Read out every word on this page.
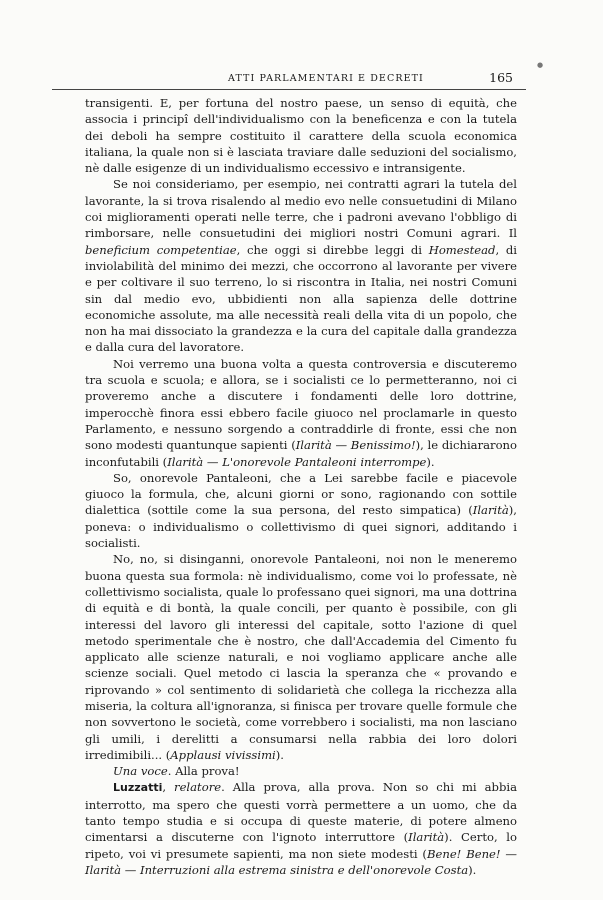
ATTI PARLAMENTARI E DECRETI	165
●

transigenti. E, per fortuna del nostro paese, un senso di equità, che associa i principî dell'individualismo con la beneficenza e con la tutela dei deboli ha sempre costituito il carattere della scuola economica italiana, la quale non si è lasciata traviare dalle seduzioni del socialismo, nè dalle esigenze di un individualismo eccessivo e intransigente.

Se noi consideriamo, per esempio, nei contratti agrari la tutela del lavorante, la si trova risalendo al medio evo nelle consuetudini di Milano coi miglioramenti operati nelle terre, che i padroni avevano l'obbligo di rimborsare, nelle consuetudini dei migliori nostri Comuni agrari. Il beneficium competentiae, che oggi si direbbe leggi di Homestead, di inviolabilità del minimo dei mezzi, che occorrono al lavorante per vivere e per coltivare il suo terreno, lo si riscontra in Italia, nei nostri Comuni sin dal medio evo, ubbidienti non alla sapienza delle dottrine economiche assolute, ma alle necessità reali della vita di un popolo, che non ha mai dissociato la grandezza e la cura del capitale dalla grandezza e dalla cura del lavoratore.

Noi verremo una buona volta a questa controversia e discuteremo tra scuola e scuola; e allora, se i socialisti ce lo permetteranno, noi ci proveremo anche a discutere i fondamenti delle loro dottrine, imperocchè finora essi ebbero facile giuoco nel proclamarle in questo Parlamento, e nessuno sorgendo a contraddirle di fronte, essi che non sono modesti quantunque sapienti (Ilarità — Benissimo!), le dichiararono inconfutabili (Ilarità — L'onorevole Pantaleoni interrompe).

So, onorevole Pantaleoni, che a Lei sarebbe facile e piacevole giuoco la formula, che, alcuni giorni or sono, ragionando con sottile dialettica (sottile come la sua persona, del resto simpatica) (Ilarità), poneva: o individualismo o collettivismo di quei signori, additando i socialisti.

No, no, si disinganni, onorevole Pantaleoni, noi non le meneremo buona questa sua formola: nè individualismo, come voi lo professate, nè collettivismo socialista, quale lo professano quei signori, ma una dottrina di equità e di bontà, la quale concili, per quanto è possibile, con gli interessi del lavoro gli interessi del capitale, sotto l'azione di quel metodo sperimentale che è nostro, che dall'Accademia del Cimento fu applicato alle scienze naturali, e noi vogliamo applicare anche alle scienze sociali. Quel metodo ci lascia la speranza che « provando e riprovando » col sentimento di solidarietà che collega la ricchezza alla miseria, la coltura all'ignoranza, si finisca per trovare quelle formule che non sovvertono le società, come vorrebbero i socialisti, ma non lasciano gli umili, i derelitti a consumarsi nella rabbia dei loro dolori irredimibili... (Applausi vivissimi).

Una voce. Alla prova!

Luzzatti, relatore. Alla prova, alla prova. Non so chi mi abbia interrotto, ma spero che questi vorrà permettere a un uomo, che da tanto tempo studia e si occupa di queste materie, di potere almeno cimentarsi a discuterne con l'ignoto interruttore (Ilarità). Certo, lo ripeto, voi vi presumete sapienti, ma non siete modesti (Bene! Bene! — Ilarità — Interruzioni alla estrema sinistra e dell'onorevole Costa).
